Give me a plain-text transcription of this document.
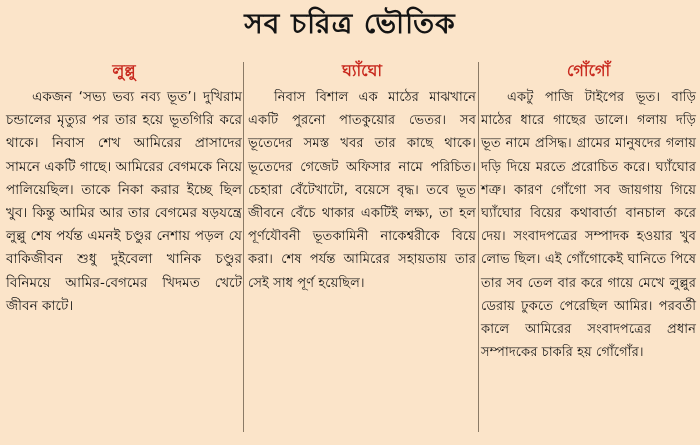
সব চরিত্র ভৌতিক
লুল্লু

একজন ‘সভ্য ভব্য নব্য ভূত’। দুখিরাম চন্ডালের মৃত্যুর পর তার হয়ে ভূতগিরি করে থাকে। নিবাস শেখ আমিরের প্রাসাদের সামনে একটি গাছে। আমিরের বেগমকে নিয়ে পালিয়েছিল। তাকে নিকা করার ইচ্ছে ছিল খুব। কিন্তু আমির আর তার বেগমের ষড়যন্ত্রে লুল্লু শেষ পর্যন্ত এমনই চণ্ডুর নেশায় পড়ল যে বাকিজীবন শুধু দুইবেলা খানিক চণ্ডুর বিনিময়ে আমির-বেগমের খিদমত খেটে জীবন কাটে।

ঘ্যাঁঘো

নিবাস বিশাল এক মাঠের মাঝখানে একটি পুরনো পাতকুয়োর ভেতর। সব ভূতেদের সমস্ত খবর তার কাছে থাকে। ভূতেদের গেজেট অফিসার নামে পরিচিত। চেহারা বেঁটেখাটো, বয়েসে বৃদ্ধ। তবে ভূত জীবনে বেঁচে থাকার একটিই লক্ষ্য, তা হল পূর্ণযৌবনী ভূতকামিনী নাকেশ্বরীকে বিয়ে করা। শেষ পর্যন্ত আমিরের সহায়তায় তার সেই সাধ পূর্ণ হয়েছিল।

গোঁগোঁ

একটু পাজি টাইপের ভূত। বাড়ি মাঠের ধারে গাছের ডালে। গলায় দড়ি ভূত নামে প্রসিদ্ধ। গ্রামের মানুষদের গলায় দড়ি দিয়ে মরতে প্ররোচিত করে। ঘ্যাঁঘোর শত্রু। কারণ গোঁগো সব জায়গায় গিয়ে ঘ্যাঁঘোর বিয়ের কথাবার্তা বানচাল করে দেয়। সংবাদপত্রের সম্পাদক হওয়ার খুব লোভ ছিল। এই গোঁগোকেই ঘানিতে পিষে তার সব তেল বার করে গায়ে মেখে লুল্লুর ডেরায় ঢুকতে পেরেছিল আমির। পরবর্তী কালে আমিরের সংবাদপত্রের প্রধান সম্পাদকের চাকরি হয় গোঁগোঁর।
